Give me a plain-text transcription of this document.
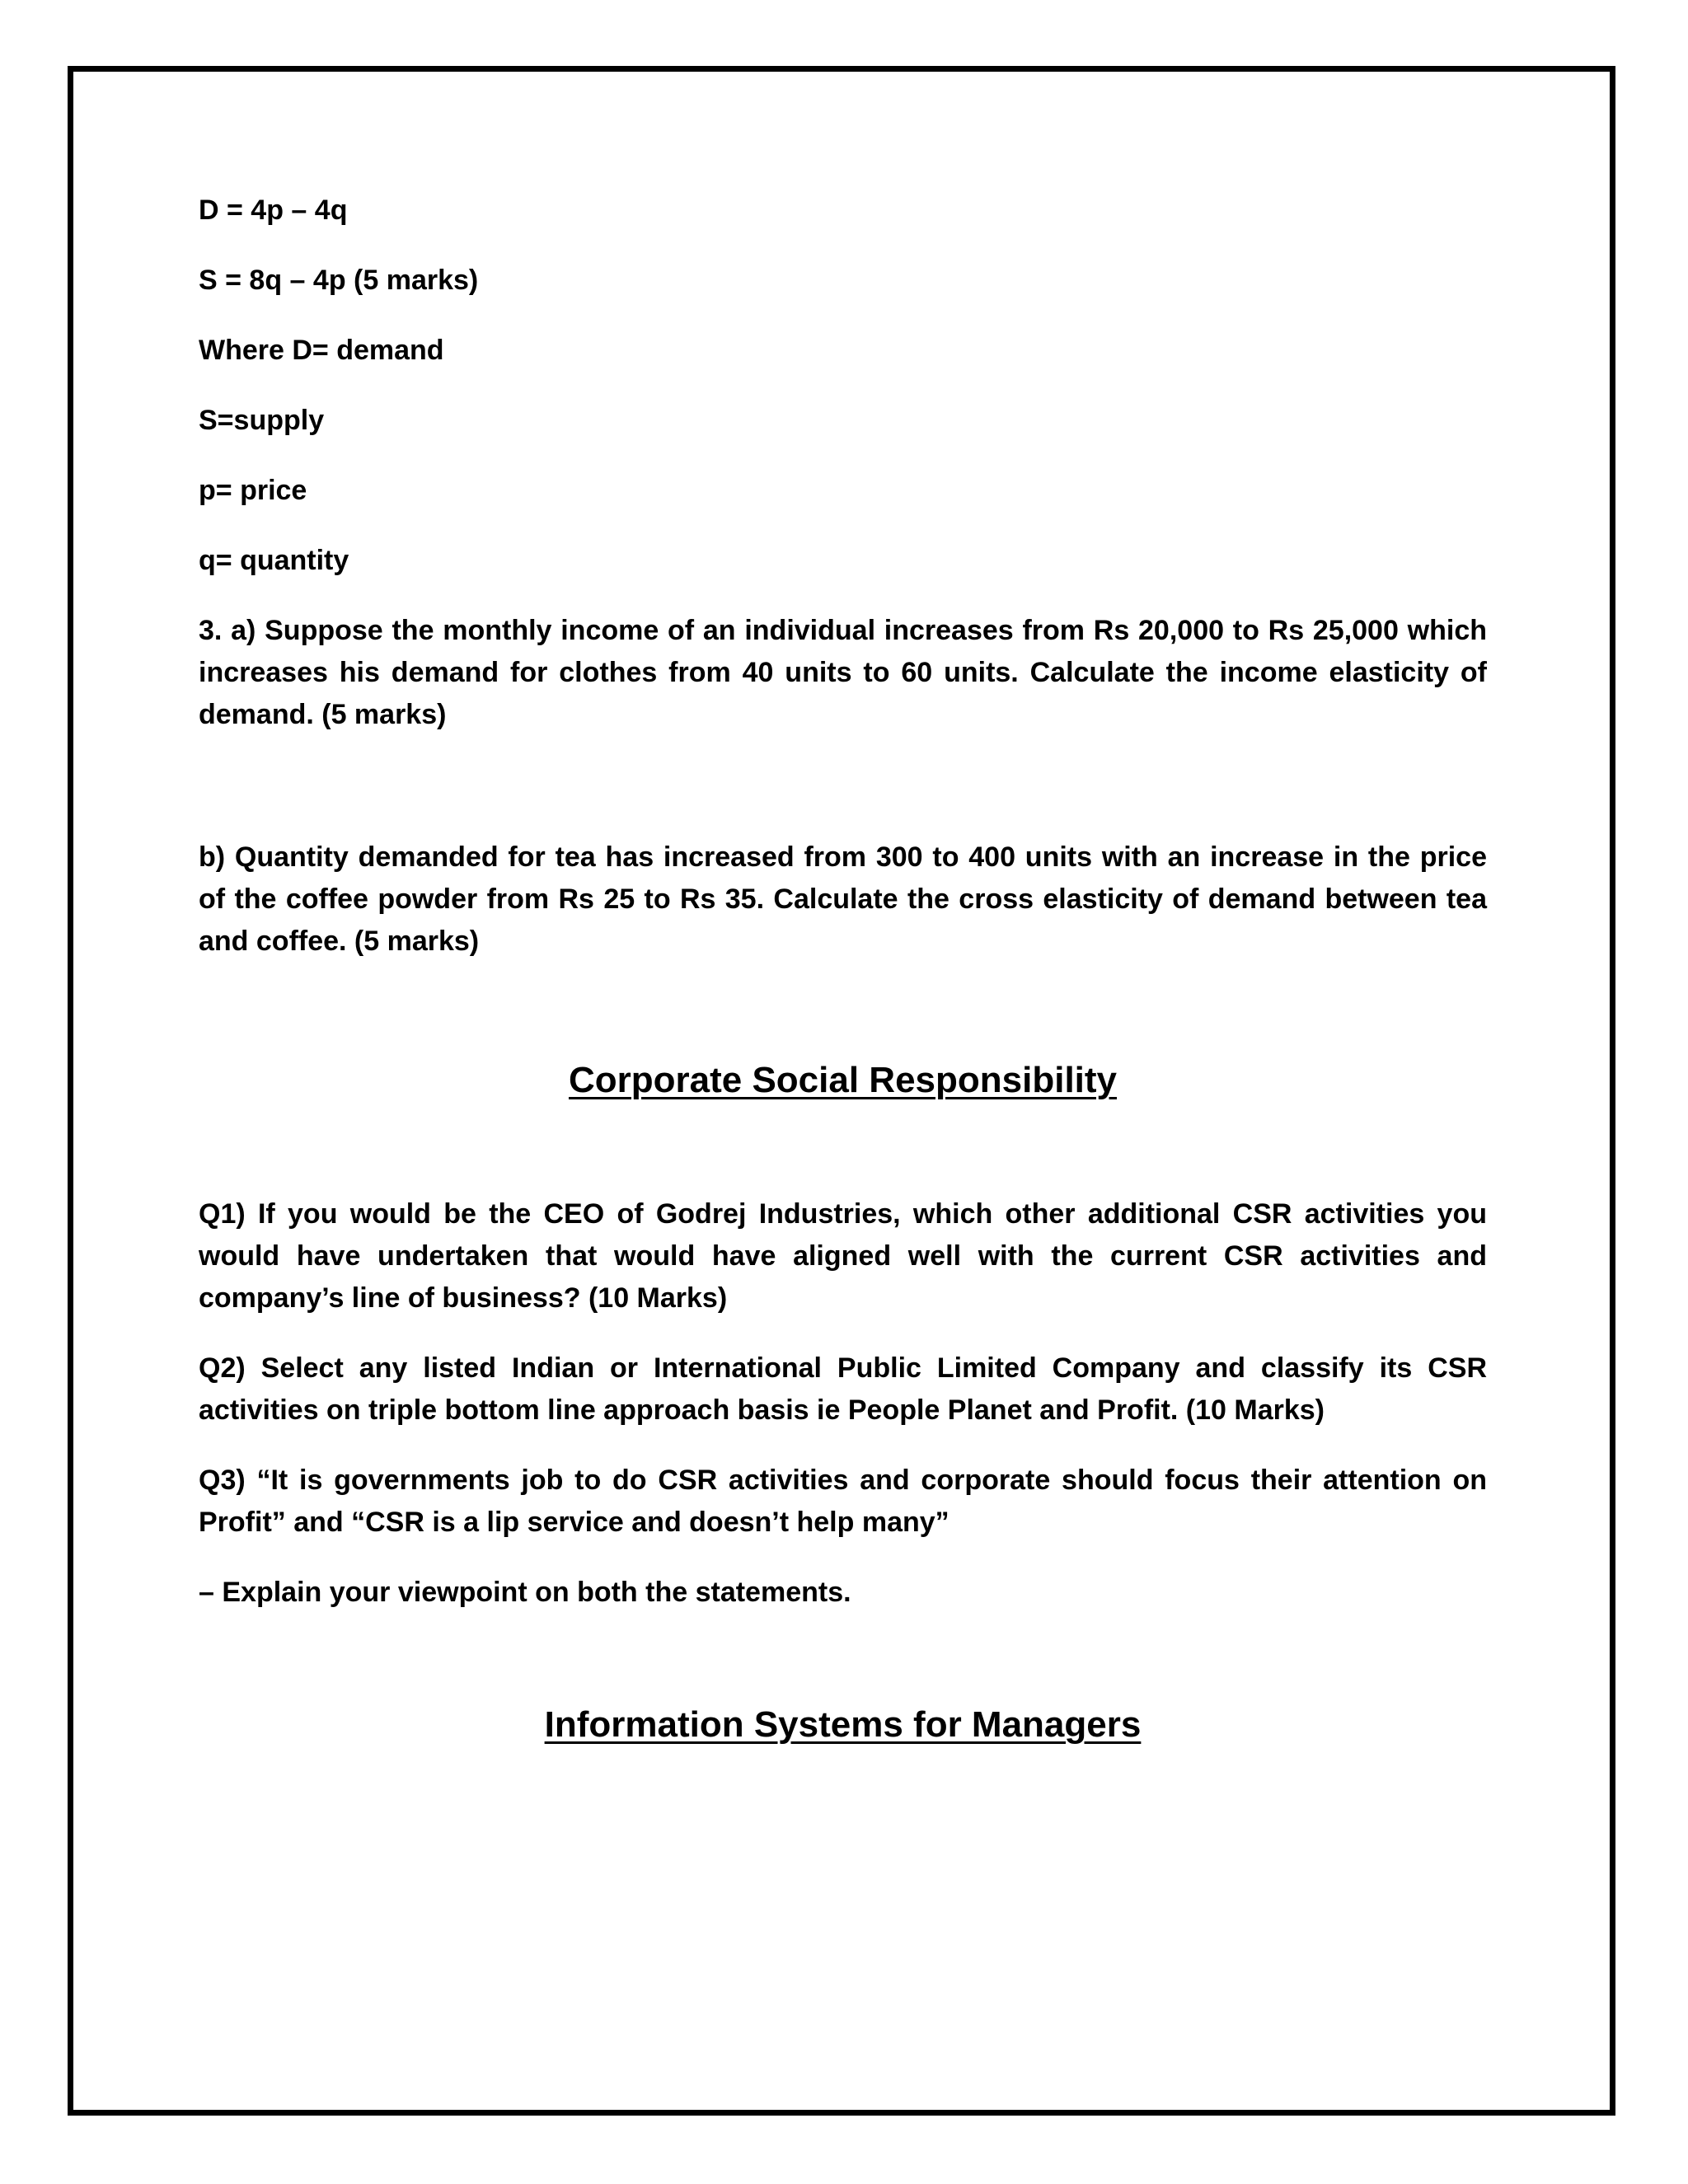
D = 4p – 4q

S = 8q – 4p (5 marks)

Where D= demand

S=supply

p= price

q= quantity

3. a) Suppose the monthly income of an individual increases from Rs 20,000 to Rs 25,000 which increases his demand for clothes from 40 units to 60 units. Calculate the income elasticity of demand. (5 marks)

b) Quantity demanded for tea has increased from 300 to 400 units with an increase in the price of the coffee powder from Rs 25 to Rs 35. Calculate the cross elasticity of demand between tea and coffee. (5 marks)

Corporate Social Responsibility

Q1) If you would be the CEO of Godrej Industries, which other additional CSR activities you would have undertaken that would have aligned well with the current CSR activities and company’s line of business? (10 Marks)

Q2) Select any listed Indian or International Public Limited Company and classify its CSR activities on triple bottom line approach basis ie People Planet and Profit. (10 Marks)

Q3) “It is governments job to do CSR activities and corporate should focus their attention on Profit” and “CSR is a lip service and doesn’t help many”

– Explain your viewpoint on both the statements.

Information Systems for Managers
